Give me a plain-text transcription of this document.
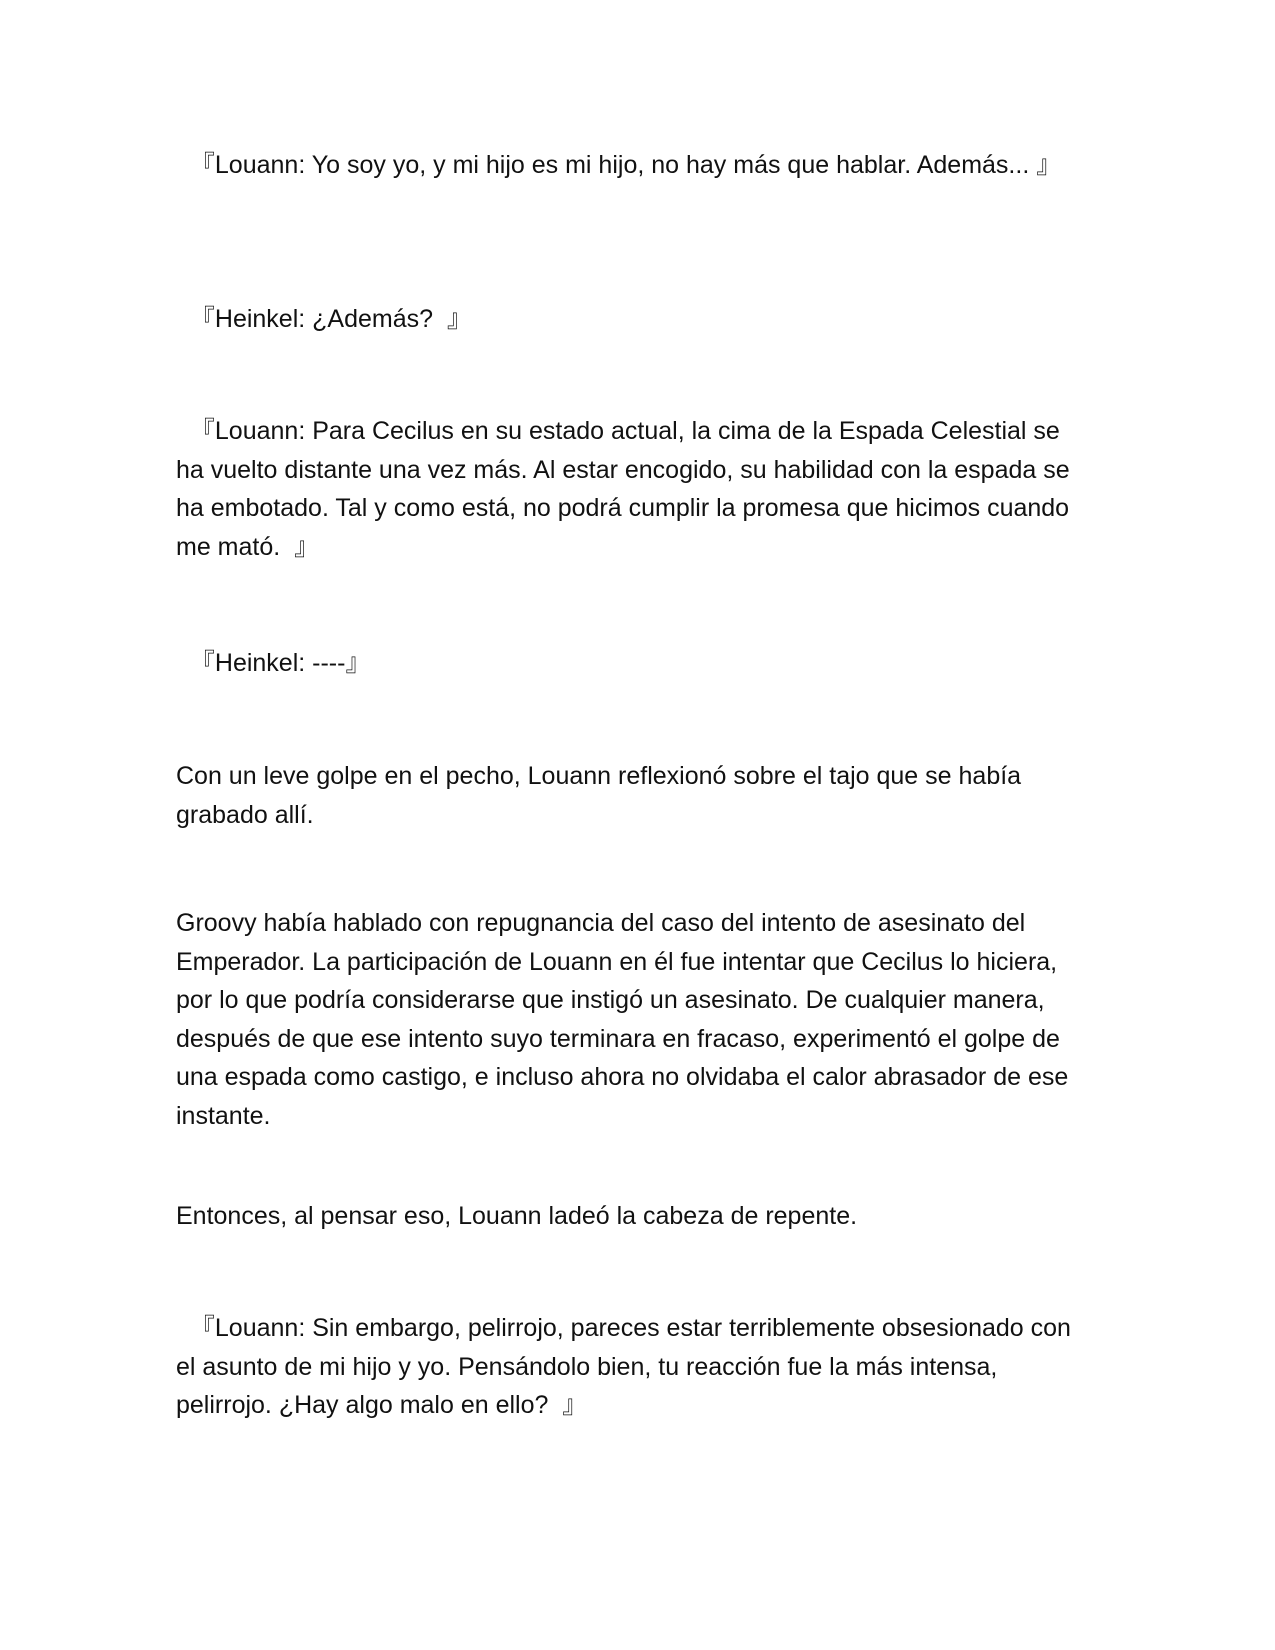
『Louann: Yo soy yo, y mi hijo es mi hijo, no hay más que hablar. Además... 』

『Heinkel: ¿Además?  』

『Louann: Para Cecilus en su estado actual, la cima de la Espada Celestial se ha vuelto distante una vez más. Al estar encogido, su habilidad con la espada se ha embotado. Tal y como está, no podrá cumplir la promesa que hicimos cuando me mató.  』

『Heinkel: ----』

Con un leve golpe en el pecho, Louann reflexionó sobre el tajo que se había grabado allí.

Groovy había hablado con repugnancia del caso del intento de asesinato del Emperador. La participación de Louann en él fue intentar que Cecilus lo hiciera, por lo que podría considerarse que instigó un asesinato. De cualquier manera, después de que ese intento suyo terminara en fracaso, experimentó el golpe de una espada como castigo, e incluso ahora no olvidaba el calor abrasador de ese instante.

Entonces, al pensar eso, Louann ladeó la cabeza de repente.

『Louann: Sin embargo, pelirrojo, pareces estar terriblemente obsesionado con el asunto de mi hijo y yo. Pensándolo bien, tu reacción fue la más intensa, pelirrojo. ¿Hay algo malo en ello?  』
